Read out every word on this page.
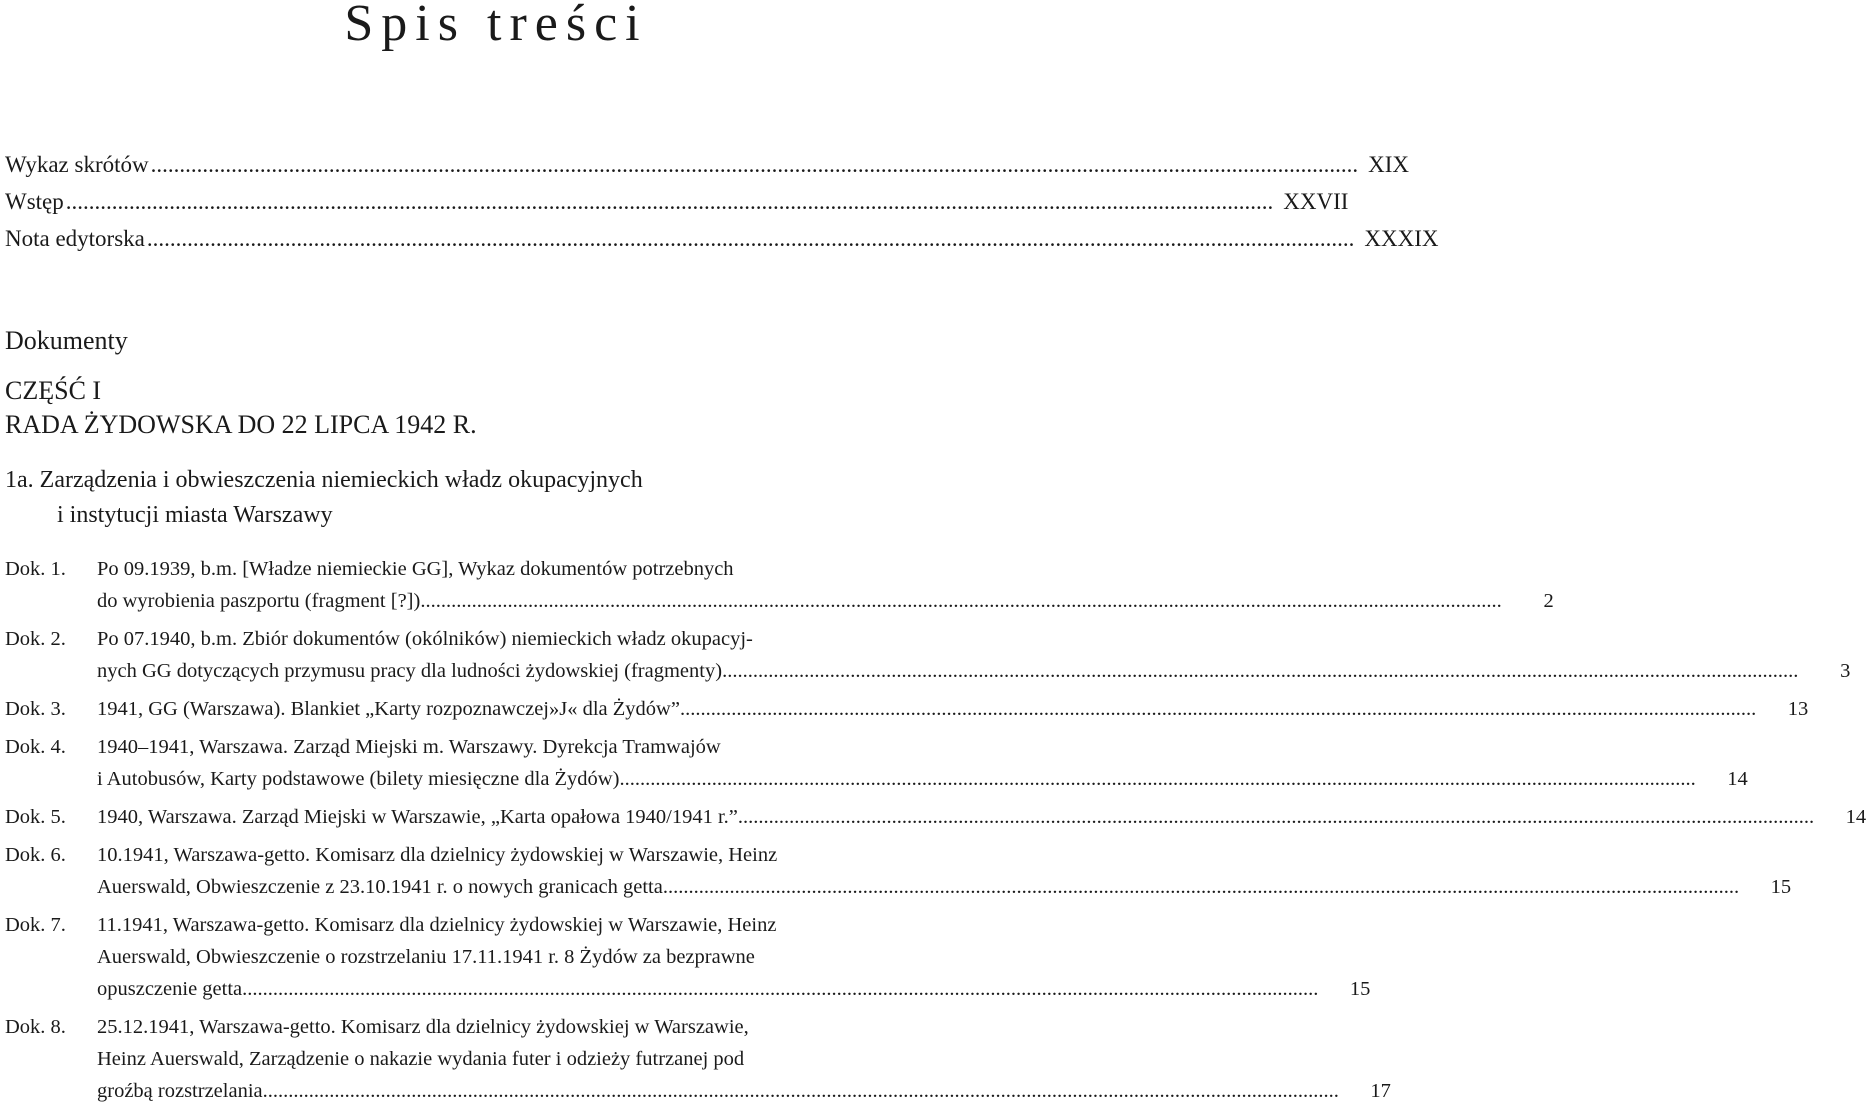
Spis treści
Wykaz skrótów .....	XIX
Wstęp .....	XXVII
Nota edytorska .....	XXXIX
Dokumenty
CZĘŚĆ I
RADA ŻYDOWSKA DO 22 LIPCA 1942 R.
1a. Zarządzenia i obwieszczenia niemieckich władz okupacyjnych
i instytucji miasta Warszawy
Dok. 1.	Po 09.1939, b.m. [Władze niemieckie GG], Wykaz dokumentów potrzebnych
do wyrobienia paszportu (fragment [?]). .....	2
Dok. 2.	Po 07.1940, b.m. Zbiór dokumentów (okólników) niemieckich władz okupacyj-
nych GG dotyczących przymusu pracy dla ludności żydowskiej (fragmenty) .....	3
Dok. 3.	1941, GG (Warszawa). Blankiet „Karty rozpoznawczej»J« dla Żydów” .....	13
Dok. 4.	1940–1941, Warszawa. Zarząd Miejski m. Warszawy. Dyrekcja Tramwajów
i Autobusów, Karty podstawowe (bilety miesięczne dla Żydów) .....	14
Dok. 5.	1940, Warszawa. Zarząd Miejski w Warszawie, „Karta opałowa 1940/1941 r.” .....	14
Dok. 6.	10.1941, Warszawa-getto. Komisarz dla dzielnicy żydowskiej w Warszawie, Heinz
Auerswald, Obwieszczenie z 23.10.1941 r. o nowych granicach getta .....	15
Dok. 7.	11.1941, Warszawa-getto. Komisarz dla dzielnicy żydowskiej w Warszawie, Heinz
Auerswald, Obwieszczenie o rozstrzelaniu 17.11.1941 r. 8 Żydów za bezprawne
opuszczenie getta .....	15
Dok. 8.	25.12.1941, Warszawa-getto. Komisarz dla dzielnicy żydowskiej w Warszawie,
Heinz Auerswald, Zarządzenie o nakazie wydania futer i odzieży futrzanej pod
groźbą rozstrzelania .....	17
